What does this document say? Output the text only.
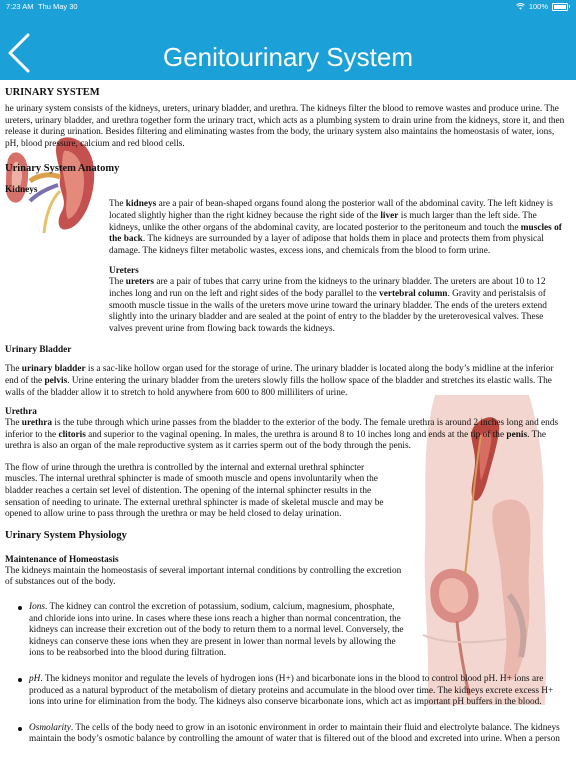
7:23 AM Thu May 30	100%
Genitourinary System
URINARY SYSTEM

he urinary system consists of the kidneys, ureters, urinary bladder, and urethra. The kidneys filter the blood to remove wastes and produce urine. The ureters, urinary bladder, and urethra together form the urinary tract, which acts as a plumbing system to drain urine from the kidneys, store it, and then release it during urination. Besides filtering and eliminating wastes from the body, the urinary system also maintains the homeostasis of water, ions, pH, blood pressure, calcium and red blood cells.

Urinary System Anatomy
Kidneys

The kidneys are a pair of bean-shaped organs found along the posterior wall of the abdominal cavity. The left kidney is located slightly higher than the right kidney because the right side of the liver is much larger than the left side. The kidneys, unlike the other organs of the abdominal cavity, are located posterior to the peritoneum and touch the muscles of the back. The kidneys are surrounded by a layer of adipose that holds them in place and protects them from physical damage. The kidneys filter metabolic wastes, excess ions, and chemicals from the blood to form urine.

Ureters

The ureters are a pair of tubes that carry urine from the kidneys to the urinary bladder. The ureters are about 10 to 12 inches long and run on the left and right sides of the body parallel to the vertebral column. Gravity and peristalsis of smooth muscle tissue in the walls of the ureters move urine toward the urinary bladder. The ends of the ureters extend slightly into the urinary bladder and are sealed at the point of entry to the bladder by the ureterovesical valves. These valves prevent urine from flowing back towards the kidneys.

Urinary Bladder

The urinary bladder is a sac-like hollow organ used for the storage of urine. The urinary bladder is located along the body’s midline at the inferior end of the pelvis. Urine entering the urinary bladder from the ureters slowly fills the hollow space of the bladder and stretches its elastic walls. The walls of the bladder allow it to stretch to hold anywhere from 600 to 800 milliliters of urine.

Urethra

The urethra is the tube through which urine passes from the bladder to the exterior of the body. The female urethra is around 2 inches long and ends inferior to the clitoris and superior to the vaginal opening. In males, the urethra is around 8 to 10 inches long and ends at the tip of the penis. The urethra is also an organ of the male reproductive system as it carries sperm out of the body through the penis.

The flow of urine through the urethra is controlled by the internal and external urethral sphincter muscles. The internal urethral sphincter is made of smooth muscle and opens involuntarily when the bladder reaches a certain set level of distention. The opening of the internal sphincter results in the sensation of needing to urinate. The external urethral sphincter is made of skeletal muscle and may be opened to allow urine to pass through the urethra or may be held closed to delay urination.

Urinary System Physiology
Maintenance of Homeostasis

The kidneys maintain the homeostasis of several important internal conditions by controlling the excretion of substances out of the body.

Ions. The kidney can control the excretion of potassium, sodium, calcium, magnesium, phosphate, and chloride ions into urine. In cases where these ions reach a higher than normal concentration, the kidneys can increase their excretion out of the body to return them to a normal level. Conversely, the kidneys can conserve these ions when they are present in lower than normal levels by allowing the ions to be reabsorbed into the blood during filtration.
pH. The kidneys monitor and regulate the levels of hydrogen ions (H+) and bicarbonate ions in the blood to control blood pH. H+ ions are produced as a natural byproduct of the metabolism of dietary proteins and accumulate in the blood over time. The kidneys excrete excess H+ ions into urine for elimination from the body. The kidneys also conserve bicarbonate ions, which act as important pH buffers in the blood.
Osmolarity. The cells of the body need to grow in an isotonic environment in order to maintain their fluid and electrolyte balance. The kidneys maintain the body’s osmotic balance by controlling the amount of water that is filtered out of the blood and excreted into urine. When a person
